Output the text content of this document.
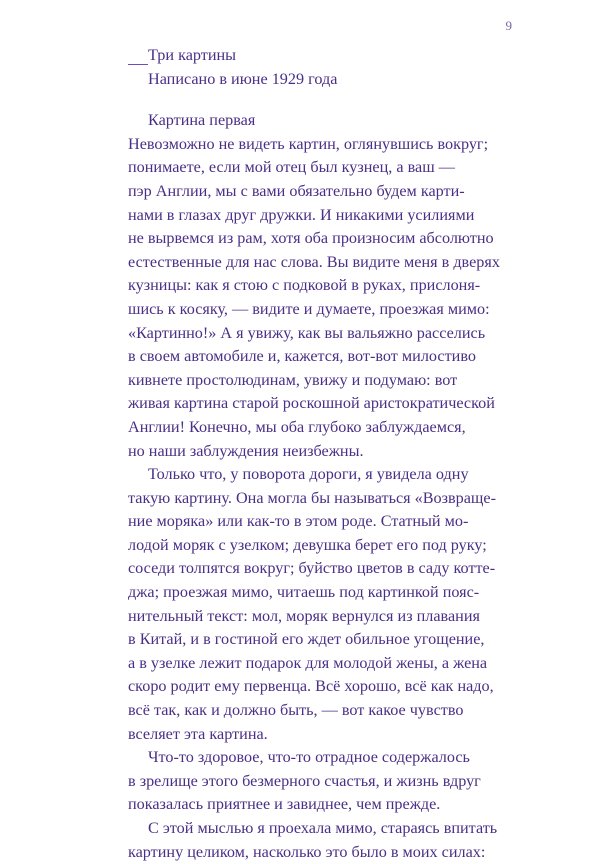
9
Три картины
Написано в июне 1929 года
Картина первая
Невозможно не видеть картин, оглянувшись вокруг;
понимаете, если мой отец был кузнец, а ваш —
пэр Англии, мы с вами обязательно будем карти-
нами в глазах друг дружки. И никакими усилиями
не вырвемся из рам, хотя оба произносим абсолютно
естественные для нас слова. Вы видите меня в дверях
кузницы: как я стою с подковой в руках, прислоня-
шись к косяку, — видите и думаете, проезжая мимо:
«Картинно!» А я увижу, как вы вальяжно расселись
в своем автомобиле и, кажется, вот-вот милостиво
кивнете простолюдинам, увижу и подумаю: вот
живая картина старой роскошной аристократической
Англии! Конечно, мы оба глубоко заблуждаемся,
но наши заблуждения неизбежны.
Только что, у поворота дороги, я увидела одну
такую картину. Она могла бы называться «Возвраще-
ние моряка» или как-то в этом роде. Статный мо-
лодой моряк с узелком; девушка берет его под руку;
соседи толпятся вокруг; буйство цветов в саду котте-
джа; проезжая мимо, читаешь под картинкой пояс-
нительный текст: мол, моряк вернулся из плавания
в Китай, и в гостиной его ждет обильное угощение,
а в узелке лежит подарок для молодой жены, а жена
скоро родит ему первенца. Всё хорошо, всё как надо,
всё так, как и должно быть, — вот какое чувство
вселяет эта картина.
Что-то здоровое, что-то отрадное содержалось
в зрелище этого безмерного счастья, и жизнь вдруг
показалась приятнее и завиднее, чем прежде.
С этой мыслью я проехала мимо, стараясь впитать
картину целиком, насколько это было в моих силах:
